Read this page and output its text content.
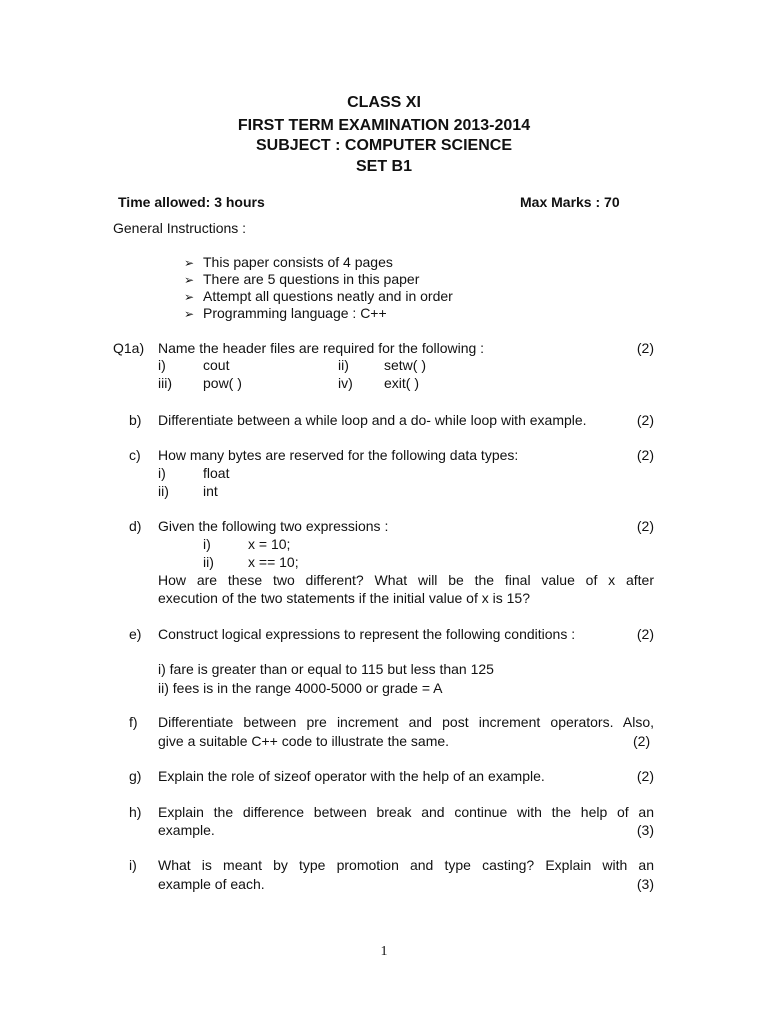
CLASS XI
FIRST TERM EXAMINATION 2013-2014
SUBJECT : COMPUTER SCIENCE
SET B1
Time allowed: 3 hours	Max Marks : 70
General Instructions :
➢ This paper consists of 4 pages
➢ There are 5 questions in this paper
➢ Attempt all questions neatly and in order
➢ Programming language : C++
Q1a) Name the header files are required for the following :	(2)
i)	cout	ii)	setw( )
iii) pow( )	iv) exit( )
b) Differentiate between a while loop and a do- while loop with example.	(2)
c) How many bytes are reserved for the following data types:	(2)
i)	float
ii) int
d) Given the following two expressions :	(2)
i)	x = 10;
ii) x == 10;
How are these two different? What will be the final value of x after
execution of the two statements if the initial value of x is 15?
e) Construct logical expressions to represent the following conditions :	(2)
i) fare is greater than or equal to 115 but less than 125
ii) fees is in the range 4000-5000 or grade = A
f) Differentiate between pre increment and post increment operators. Also,
give a suitable C++ code to illustrate the same.	(2)
g) Explain the role of sizeof operator with the help of an example.	(2)
h) Explain the difference between break and continue with the help of an
example.	(3)
i) What is meant by type promotion and type casting? Explain with an
example of each.	(3)
1
